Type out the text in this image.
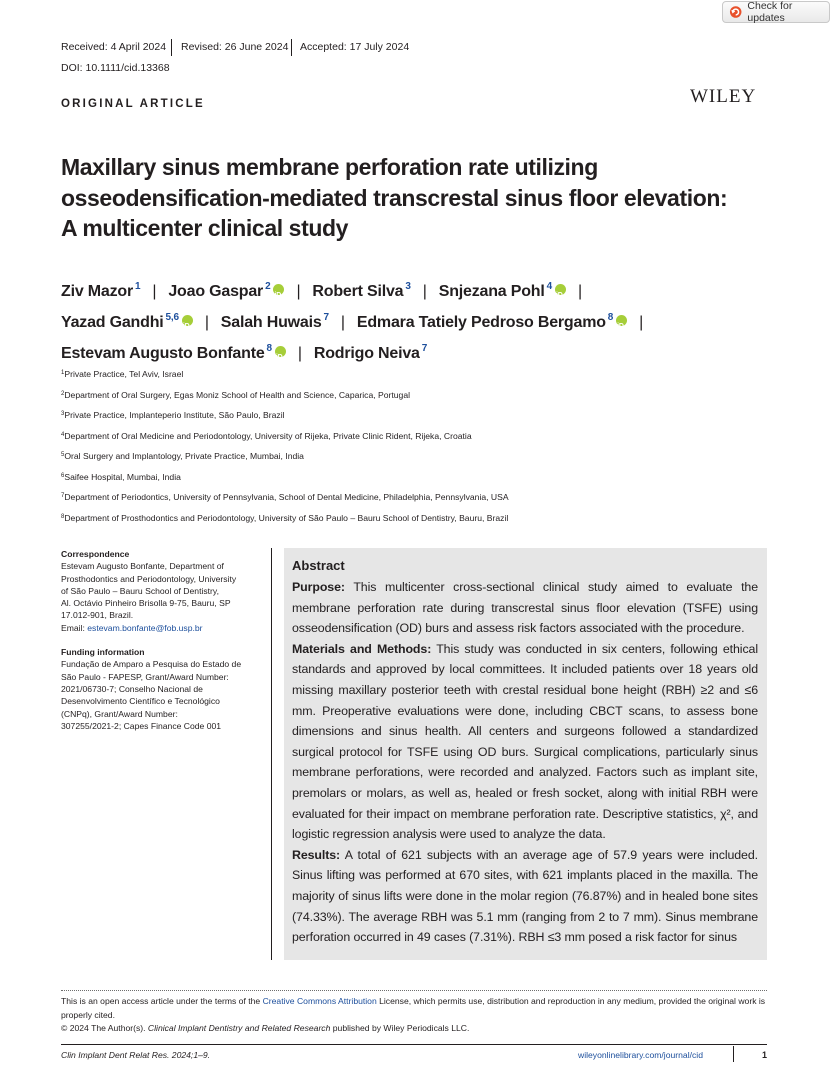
Check for updates
Received: 4 April 2024 Revised: 26 June 2024 Accepted: 17 July 2024
DOI: 10.1111/cid.13368
ORIGINAL ARTICLE	WILEY
Maxillary sinus membrane perforation rate utilizing
osseodensification-mediated transcrestal sinus floor elevation:
A multicenter clinical study
Ziv Mazor $^1$ | Joao Gaspar $^2$ iD | Robert Silva $^3$ | Snjezana Pohl $^4$ iD |
Yazad Gandhi $^{5,6}$ iD | Salah Huwais $^7$ | Edmara Tatiely Pedroso Bergamo $^8$ iD |
Estevam Augusto Bonfante $^8$ iD | Rodrigo Neiva $^7$
$^1$Private Practice, Tel Aviv, Israel
$^2$Department of Oral Surgery, Egas Moniz School of Health and Science, Caparica, Portugal
$^3$Private Practice, Implanteperio Institute, São Paulo, Brazil
$^4$Department of Oral Medicine and Periodontology, University of Rijeka, Private Clinic Rident, Rijeka, Croatia
$^5$Oral Surgery and Implantology, Private Practice, Mumbai, India
$^6$Saifee Hospital, Mumbai, India
$^7$Department of Periodontics, University of Pennsylvania, School of Dental Medicine, Philadelphia, Pennsylvania, USA
$^8$Department of Prosthodontics and Periodontology, University of São Paulo – Bauru School of Dentistry, Bauru, Brazil
Correspondence
Estevam Augusto Bonfante, Department of
Prosthodontics and Periodontology, University
of São Paulo – Bauru School of Dentistry,
Al. Octávio Pinheiro Brisolla 9-75, Bauru, SP
17.012-901, Brazil.
Email: estevam.bonfante@fob.usp.br
Funding information
Fundação de Amparo a Pesquisa do Estado de
São Paulo - FAPESP, Grant/Award Number:
2021/06730-7; Conselho Nacional de
Desenvolvimento Científico e Tecnológico
(CNPq), Grant/Award Number:
307255/2021-2; Capes Finance Code 001
Abstract

Purpose: This multicenter cross-sectional clinical study aimed to evaluate the membrane perforation rate during transcrestal sinus floor elevation (TSFE) using osseodensification (OD) burs and assess risk factors associated with the procedure.

Materials and Methods: This study was conducted in six centers, following ethical standards and approved by local committees. It included patients over 18 years old missing maxillary posterior teeth with crestal residual bone height (RBH) ≥2 and ≤6 mm. Preoperative evaluations were done, including CBCT scans, to assess bone dimensions and sinus health. All centers and surgeons followed a standardized surgical protocol for TSFE using OD burs. Surgical complications, particularly sinus membrane perforations, were recorded and analyzed. Factors such as implant site, premolars or molars, as well as, healed or fresh socket, along with initial RBH were evaluated for their impact on membrane perforation rate. Descriptive statistics, χ², and logistic regression analysis were used to analyze the data.

Results: A total of 621 subjects with an average age of 57.9 years were included. Sinus lifting was performed at 670 sites, with 621 implants placed in the maxilla. The majority of sinus lifts were done in the molar region (76.87%) and in healed bone sites (74.33%). The average RBH was 5.1 mm (ranging from 2 to 7 mm). Sinus membrane perforation occurred in 49 cases (7.31%). RBH ≤3 mm posed a risk factor for sinus

This is an open access article under the terms of the Creative Commons Attribution License, which permits use, distribution and reproduction in any medium, provided the original work is properly cited.
© 2024 The Author(s). Clinical Implant Dentistry and Related Research published by Wiley Periodicals LLC.
Clin Implant Dent Relat Res. 2024;1–9.	wileyonlinelibrary.com/journal/cid	1
